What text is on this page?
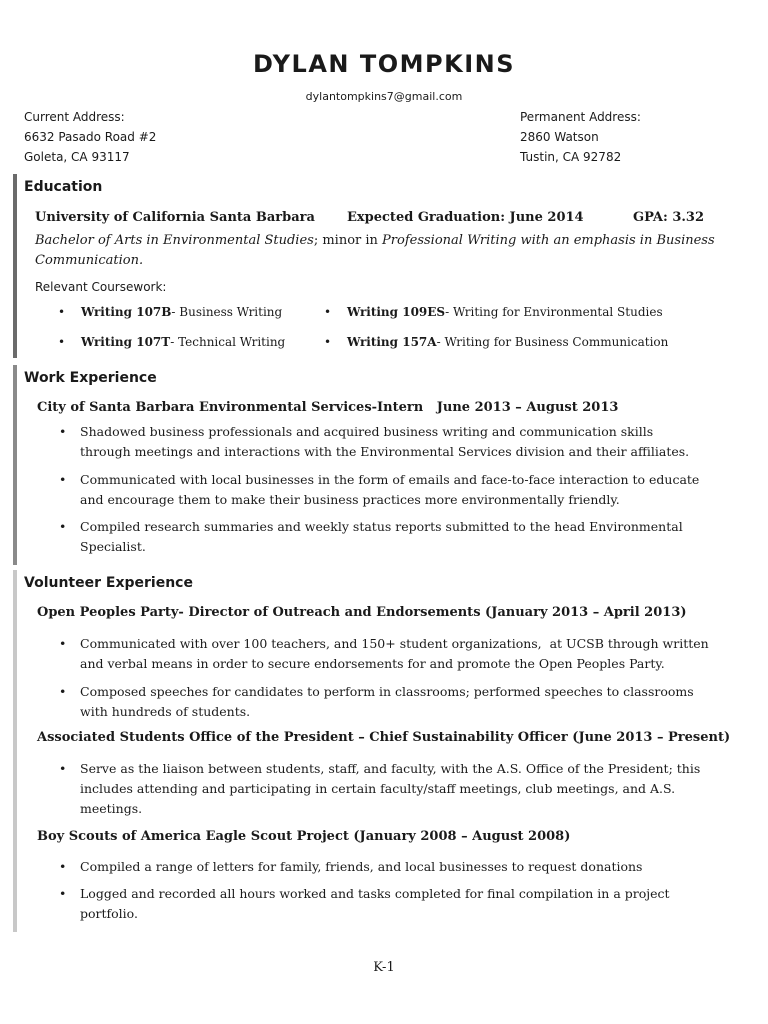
DYLAN TOMPKINS
dylantompkins7@gmail.com
Current Address:
6632 Pasado Road #2
Goleta, CA 93117
Permanent Address:
2860 Watson
Tustin, CA 92782
Education
University of California Santa Barbara Expected Graduation: June 2014	GPA: 3.32
Bachelor of Arts in Environmental Studies; minor in Professional Writing with an emphasis in Business
Communication.
Relevant Coursework:
• Writing 107B- Business Writing	• Writing 109ES- Writing for Environmental Studies
• Writing 107T- Technical Writing	• Writing 157A- Writing for Business Communication
Work Experience
City of Santa Barbara Environmental Services-Intern   June 2013 – August 2013
• Shadowed business professionals and acquired business writing and communication skills
through meetings and interactions with the Environmental Services division and their affiliates.
• Communicated with local businesses in the form of emails and face-to-face interaction to educate
and encourage them to make their business practices more environmentally friendly.
• Compiled research summaries and weekly status reports submitted to the head Environmental
Specialist.
Volunteer Experience
Open Peoples Party- Director of Outreach and Endorsements (January 2013 – April 2013)
• Communicated with over 100 teachers, and 150+ student organizations,  at UCSB through written
and verbal means in order to secure endorsements for and promote the Open Peoples Party.
• Composed speeches for candidates to perform in classrooms; performed speeches to classrooms
with hundreds of students.
Associated Students Office of the President – Chief Sustainability Officer (June 2013 – Present)
• Serve as the liaison between students, staff, and faculty, with the A.S. Office of the President; this
includes attending and participating in certain faculty/staff meetings, club meetings, and A.S.
meetings.
Boy Scouts of America Eagle Scout Project (January 2008 – August 2008)
• Compiled a range of letters for family, friends, and local businesses to request donations
• Logged and recorded all hours worked and tasks completed for final compilation in a project
portfolio.
K-1
